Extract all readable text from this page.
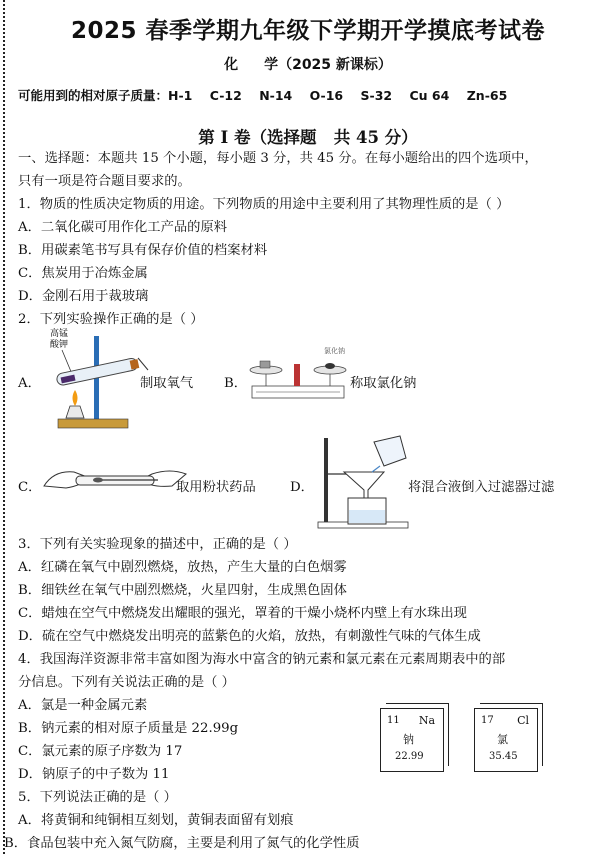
2025 春季学期九年级下学期开学摸底考试卷
化 学（2025 新课标）
可能用到的相对原子质量：H-1    C-12    N-14    O-16    S-32    Cu 64    Zn-65
第 I 卷（选择题   共 45 分）
一、选择题：本题共 15 个小题，每小题 3 分，共 45 分。在每小题给出的四个选项中，
只有一项是符合题目要求的。
1．物质的性质决定物质的用途。下列物质的用途中主要利用了其物理性质的是（ ）
A．二氧化碳可用作化工产品的原料
B．用碳素笔书写具有保存价值的档案材料
C．焦炭用于冶炼金属
D．金刚石用于裁玻璃
2．下列实验操作正确的是（ ）
A．
高锰
酸钾
制取氧气 B．
氯化钠
称取氯化钠
C．	取用粉状药品	D．	将混合液倒入过滤器过滤
3．下列有关实验现象的描述中，正确的是（ ）
A．红磷在氧气中剧烈燃烧，放热，产生大量的白色烟雾
B．细铁丝在氧气中剧烈燃烧，火星四射，生成黑色固体
C．蜡烛在空气中燃烧发出耀眼的强光，罩着的干燥小烧杯内壁上有水珠出现
D．硫在空气中燃烧发出明亮的蓝紫色的火焰，放热，有刺激性气味的气体生成
4．我国海洋资源非常丰富如图为海水中富含的钠元素和氯元素在元素周期表中的部
分信息。下列有关说法正确的是（ ）
A．氯是一种金属元素
B．钠元素的相对原子质量是 22.99g
C．氯元素的原子序数为 17
D．钠原子的中子数为 11
11 Na
钠
22.99
17 Cl
氯
35.45
5．下列说法正确的是（ ）
A．将黄铜和纯铜相互刻划，黄铜表面留有划痕
B．食品包装中充入氮气防腐，主要是利用了氮气的化学性质
